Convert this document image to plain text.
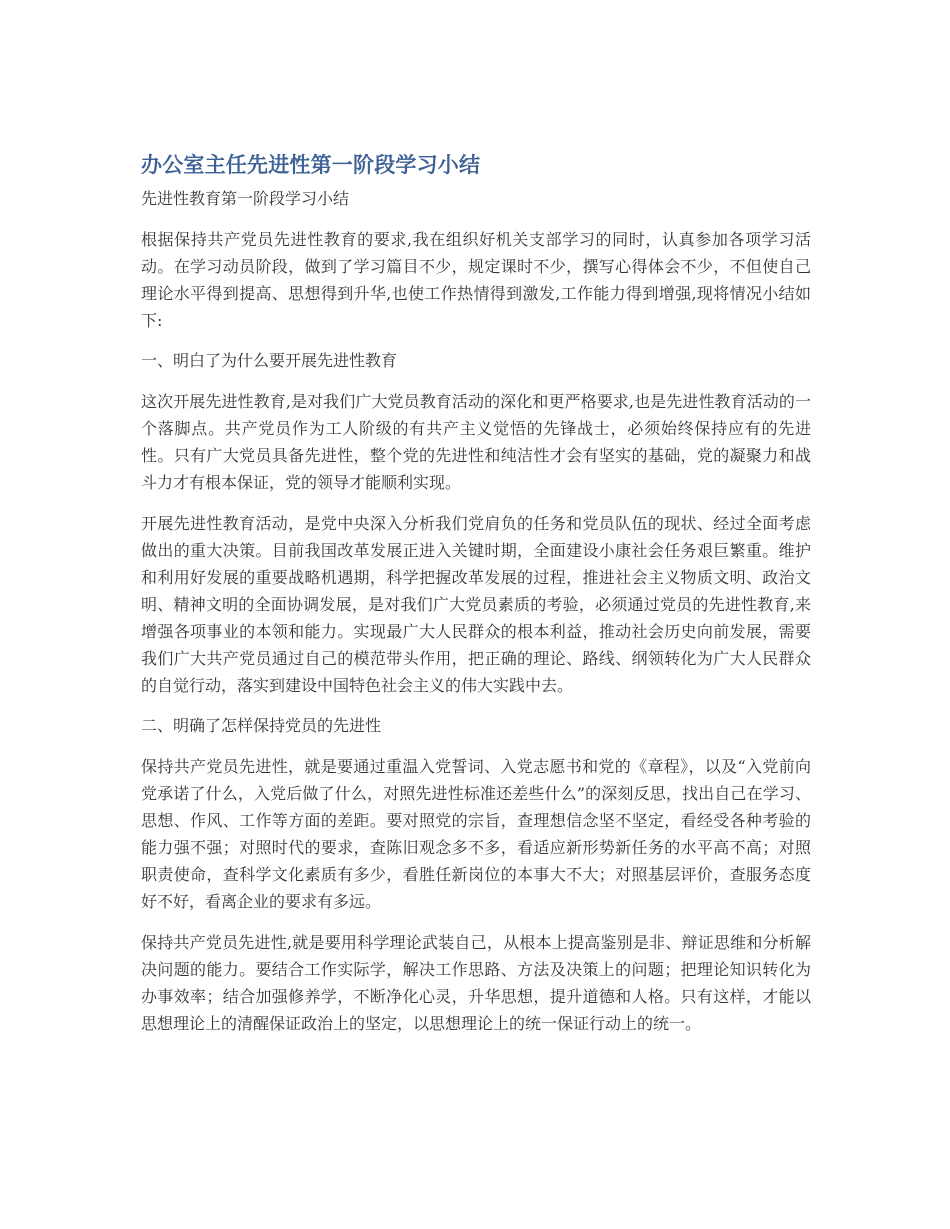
办公室主任先进性第一阶段学习小结

先进性教育第一阶段学习小结

根据保持共产党员先进性教育的要求,我在组织好机关支部学习的同时，认真参加各项学习活动。在学习动员阶段，做到了学习篇目不少，规定课时不少，撰写心得体会不少，不但使自己理论水平得到提高、思想得到升华,也使工作热情得到激发,工作能力得到增强,现将情况小结如下:

一、明白了为什么要开展先进性教育

这次开展先进性教育,是对我们广大党员教育活动的深化和更严格要求,也是先进性教育活动的一个落脚点。共产党员作为工人阶级的有共产主义觉悟的先锋战士，必须始终保持应有的先进性。只有广大党员具备先进性，整个党的先进性和纯洁性才会有坚实的基础，党的凝聚力和战斗力才有根本保证，党的领导才能顺利实现。

开展先进性教育活动，是党中央深入分析我们党肩负的任务和党员队伍的现状、经过全面考虑做出的重大决策。目前我国改革发展正进入关键时期，全面建设小康社会任务艰巨繁重。维护和利用好发展的重要战略机遇期，科学把握改革发展的过程，推进社会主义物质文明、政治文明、精神文明的全面协调发展，是对我们广大党员素质的考验，必须通过党员的先进性教育,来增强各项事业的本领和能力。实现最广大人民群众的根本利益，推动社会历史向前发展，需要我们广大共产党员通过自己的模范带头作用，把正确的理论、路线、纲领转化为广大人民群众的自觉行动，落实到建设中国特色社会主义的伟大实践中去。

二、明确了怎样保持党员的先进性

保持共产党员先进性，就是要通过重温入党誓词、入党志愿书和党的《章程》，以及“入党前向党承诺了什么，入党后做了什么，对照先进性标准还差些什么”的深刻反思，找出自己在学习、思想、作风、工作等方面的差距。要对照党的宗旨，查理想信念坚不坚定，看经受各种考验的能力强不强；对照时代的要求，查陈旧观念多不多，看适应新形势新任务的水平高不高；对照职责使命，查科学文化素质有多少，看胜任新岗位的本事大不大；对照基层评价，查服务态度好不好，看离企业的要求有多远。

保持共产党员先进性,就是要用科学理论武装自己，从根本上提高鉴别是非、辩证思维和分析解决问题的能力。要结合工作实际学，解决工作思路、方法及决策上的问题；把理论知识转化为办事效率；结合加强修养学，不断净化心灵，升华思想，提升道德和人格。只有这样，才能以思想理论上的清醒保证政治上的坚定，以思想理论上的统一保证行动上的统一。
